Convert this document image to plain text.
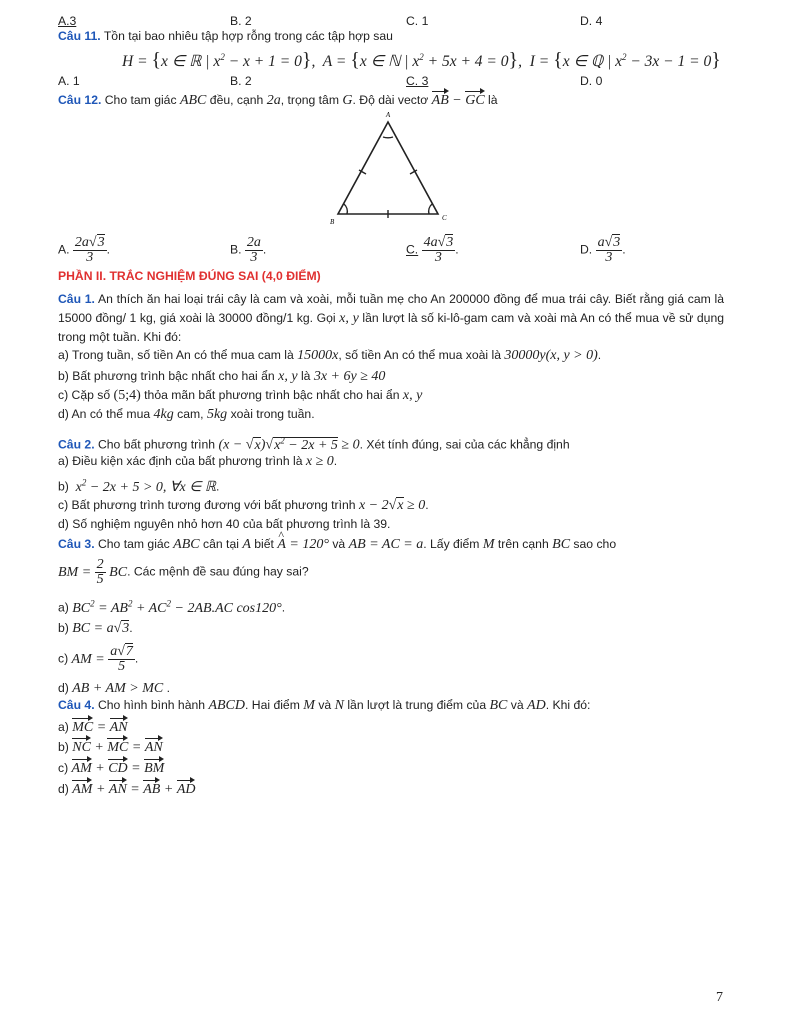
A.3	B. 2	C. 1	D. 4
Câu 11. Tồn tại bao nhiêu tập hợp rỗng trong các tập hợp sau
H = {x ∈ ℝ | $x^2 - x + 1 = 0$},  A = {x ∈ ℕ | $x^2 + 5x + 4 = 0$},  I = {x ∈ ℚ | $x^2 - 3x - 1 = 0$}
A. 1	B. 2	C. 3	D. 0
Câu 12. Cho tam giác ABC đều, cạnh 2a, trọng tâm G. Độ dài vectơ AB − GC là
A
B	C
A. $\frac{2a√3}{3}$ .	B. $\frac{2a}{3}$ .	C. $\frac{4a√3}{3}$ .	D. $\frac{a√3}{3}$ .
PHẦN II. TRẮC NGHIỆM ĐÚNG SAI (4,0 ĐIỂM)
Câu 1. An thích ăn hai loại trái cây là cam và xoài, mỗi tuần mẹ cho An 200000 đồng để mua trái cây. Biết rằng giá cam là 15000 đồng/ 1 kg, giá xoài là 30000 đồng/1 kg. Gọi x, y lần lượt là số ki-lô-gam cam và xoài mà An có thể mua về sử dụng trong một tuần. Khi đó:
a) Trong tuần, số tiền An có thể mua cam là 15000x, số tiền An có thể mua xoài là 30000y(x, y > 0).
b) Bất phương trình bậc nhất cho hai ẩn x, y là 3x + 6y ≥ 40
c) Cặp số (5;4) thỏa mãn bất phương trình bậc nhất cho hai ẩn x, y
d) An có thể mua 4kg cam, 5kg xoài trong tuần.
Câu 2. Cho bất phương trình $(x - √x)√x^2 - 2x + 5 \ge 0$. Xét tính đúng, sai của các khẳng định
a) Điều kiện xác định của bất phương trình là x ≥ 0.
b) $x^2 - 2x + 5 > 0$, ∀x ∈ ℝ.
c) Bất phương trình tương đương với bất phương trình x − 2√x ≥ 0.
d) Số nghiệm nguyên nhỏ hơn 40 của bất phương trình là 39.
Câu 3. Cho tam giác ABC cân tại A biết ^ A = 120° và AB = AC = a. Lấy điểm M trên cạnh BC sao cho
BM = $\frac{2}{5}$ BC. Các mệnh đề sau đúng hay sai?
a) $BC^2 = AB^2 + AC^2 - 2AB.AC$ cos120°.
b) BC = a√3.
c) AM = $\frac{a√7}{5}$ .
d) AB + AM > MC .
Câu 4. Cho hình bình hành ABCD. Hai điểm M và N lần lượt là trung điểm của BC và AD. Khi đó:
a) MC = AN
b) NC + MC = AN
c) AM + CD = BM
d) AM + AN = AB + AD
7
